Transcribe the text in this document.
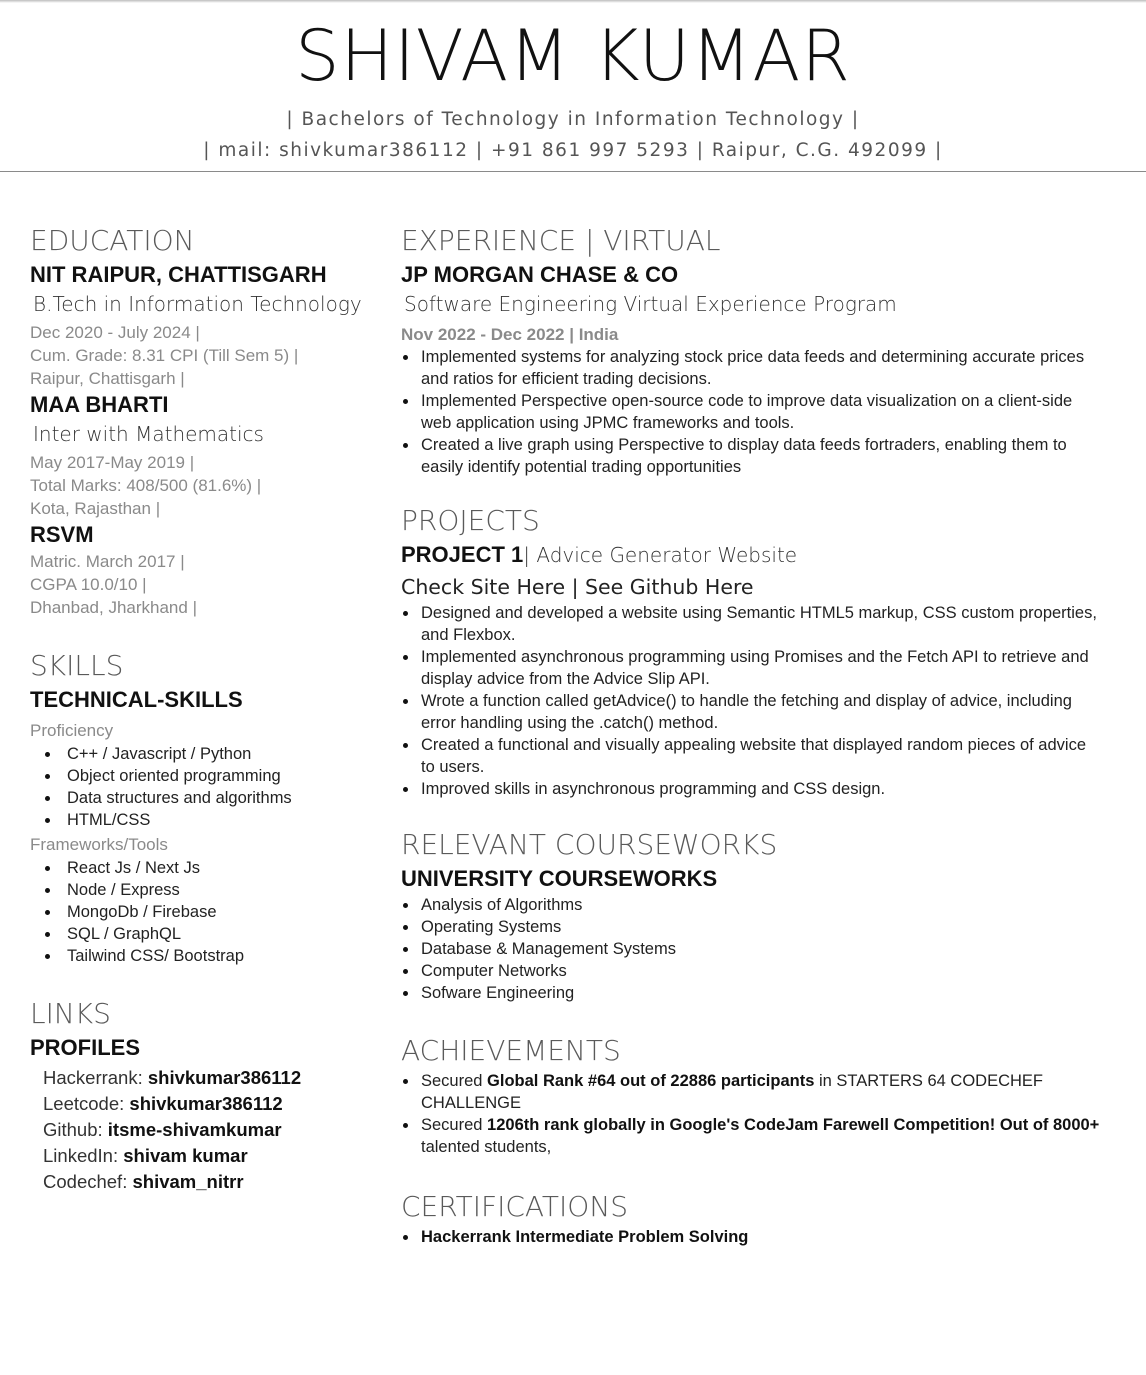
SHIVAM KUMAR
| Bachelors of Technology in Information Technology |
| mail: shivkumar386112 | +91 861 997 5293 | Raipur, C.G. 492099 |
EDUCATION
NIT RAIPUR, CHATTISGARH
B.Tech in Information Technology
Dec 2020 - July 2024 |
Cum. Grade: 8.31 CPI (Till Sem 5) |
Raipur, Chattisgarh |
MAA BHARTI
Inter with Mathematics
May 2017-May 2019 |
Total Marks: 408/500 (81.6%) |
Kota, Rajasthan |
RSVM
Matric. March 2017 |
CGPA 10.0/10 |
Dhanbad, Jharkhand |
SKILLS
TECHNICAL-SKILLS
Proficiency
C++ / Javascript / Python
Object oriented programming
Data structures and algorithms
HTML/CSS
Frameworks/Tools
React Js / Next Js
Node / Express
MongoDb / Firebase
SQL / GraphQL
Tailwind CSS/ Bootstrap
LINKS
PROFILES
Hackerrank: shivkumar386112
Leetcode: shivkumar386112
Github: itsme-shivamkumar
LinkedIn: shivam kumar
Codechef: shivam_nitrr
EXPERIENCE | VIRTUAL
JP MORGAN CHASE & CO
Software Engineering Virtual Experience Program
Nov 2022 - Dec 2022 | India
Implemented systems for analyzing stock price data feeds and determining accurate prices and ratios for efficient trading decisions.
Implemented Perspective open-source code to improve data visualization on a client-side web application using JPMC frameworks and tools.
Created a live graph using Perspective to display data feeds fortraders, enabling them to easily identify potential trading opportunities
PROJECTS
PROJECT 1| Advice Generator Website
Check Site Here | See Github Here
Designed and developed a website using Semantic HTML5 markup, CSS custom properties, and Flexbox.
Implemented asynchronous programming using Promises and the Fetch API to retrieve and display advice from the Advice Slip API.
Wrote a function called getAdvice() to handle the fetching and display of advice, including error handling using the .catch() method.
Created a functional and visually appealing website that displayed random pieces of advice to users.
Improved skills in asynchronous programming and CSS design.
RELEVANT COURSEWORKS
UNIVERSITY COURSEWORKS
Analysis of Algorithms
Operating Systems
Database & Management Systems
Computer Networks
Sofware Engineering
ACHIEVEMENTS
Secured Global Rank #64 out of 22886 participants in STARTERS 64 CODECHEF CHALLENGE
Secured 1206th rank globally in Google's CodeJam Farewell Competition! Out of 8000+ talented students,
CERTIFICATIONS
Hackerrank Intermediate Problem Solving
